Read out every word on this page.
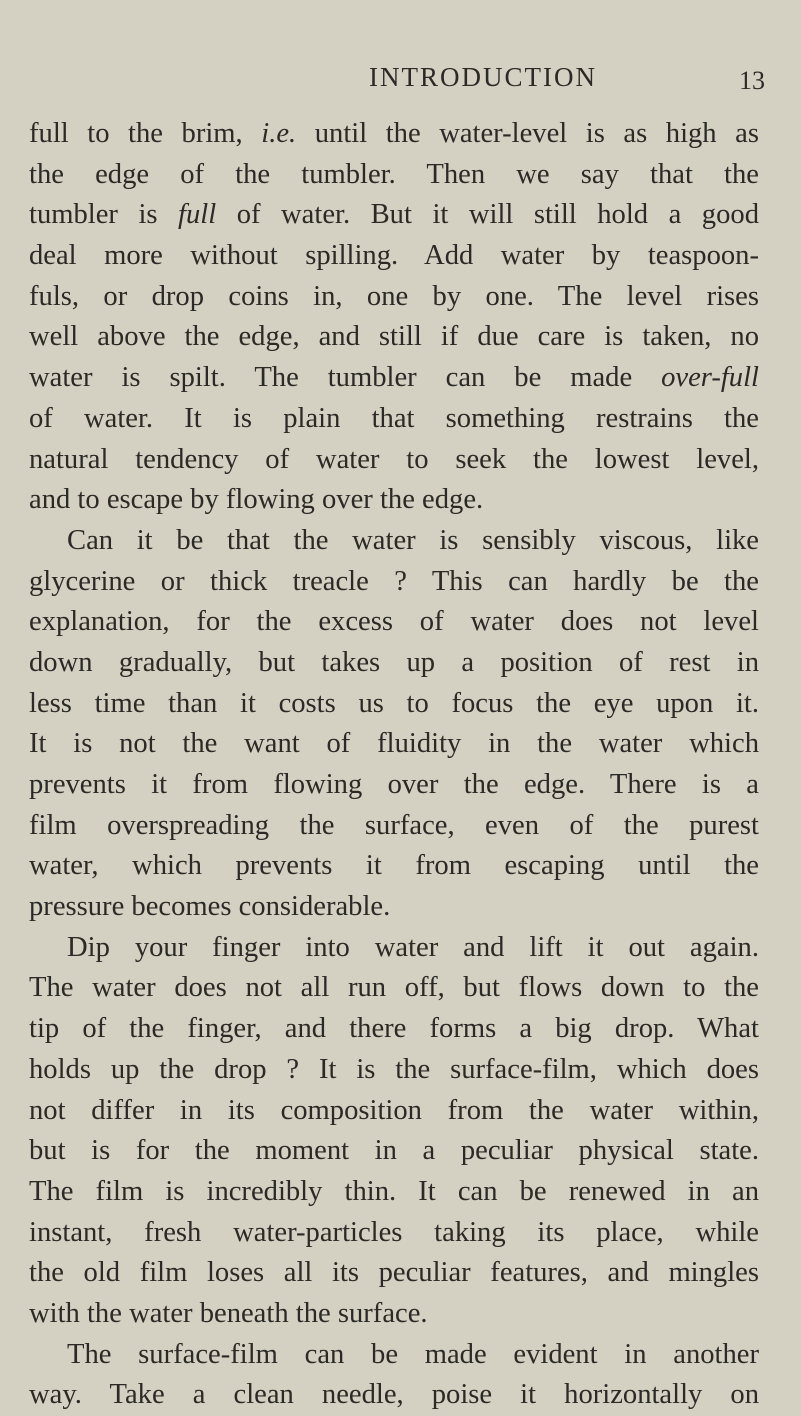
INTRODUCTION	13
full to the brim, i.e. until the water-level is as high as
the edge of the tumbler. Then we say that the
tumbler is full of water. But it will still hold a good
deal more without spilling. Add water by teaspoon-
fuls, or drop coins in, one by one. The level rises
well above the edge, and still if due care is taken, no
water is spilt. The tumbler can be made over-full
of water. It is plain that something restrains the
natural tendency of water to seek the lowest level,
and to escape by flowing over the edge.
Can it be that the water is sensibly viscous, like
glycerine or thick treacle ? This can hardly be the
explanation, for the excess of water does not level
down gradually, but takes up a position of rest in
less time than it costs us to focus the eye upon it.
It is not the want of fluidity in the water which
prevents it from flowing over the edge. There is a
film overspreading the surface, even of the purest
water, which prevents it from escaping until the
pressure becomes considerable.
Dip your finger into water and lift it out again.
The water does not all run off, but flows down to the
tip of the finger, and there forms a big drop. What
holds up the drop ? It is the surface-film, which does
not differ in its composition from the water within,
but is for the moment in a peculiar physical state.
The film is incredibly thin. It can be renewed in an
instant, fresh water-particles taking its place, while
the old film loses all its peculiar features, and mingles
with the water beneath the surface.
The surface-film can be made evident in another
way. Take a clean needle, poise it horizontally on
